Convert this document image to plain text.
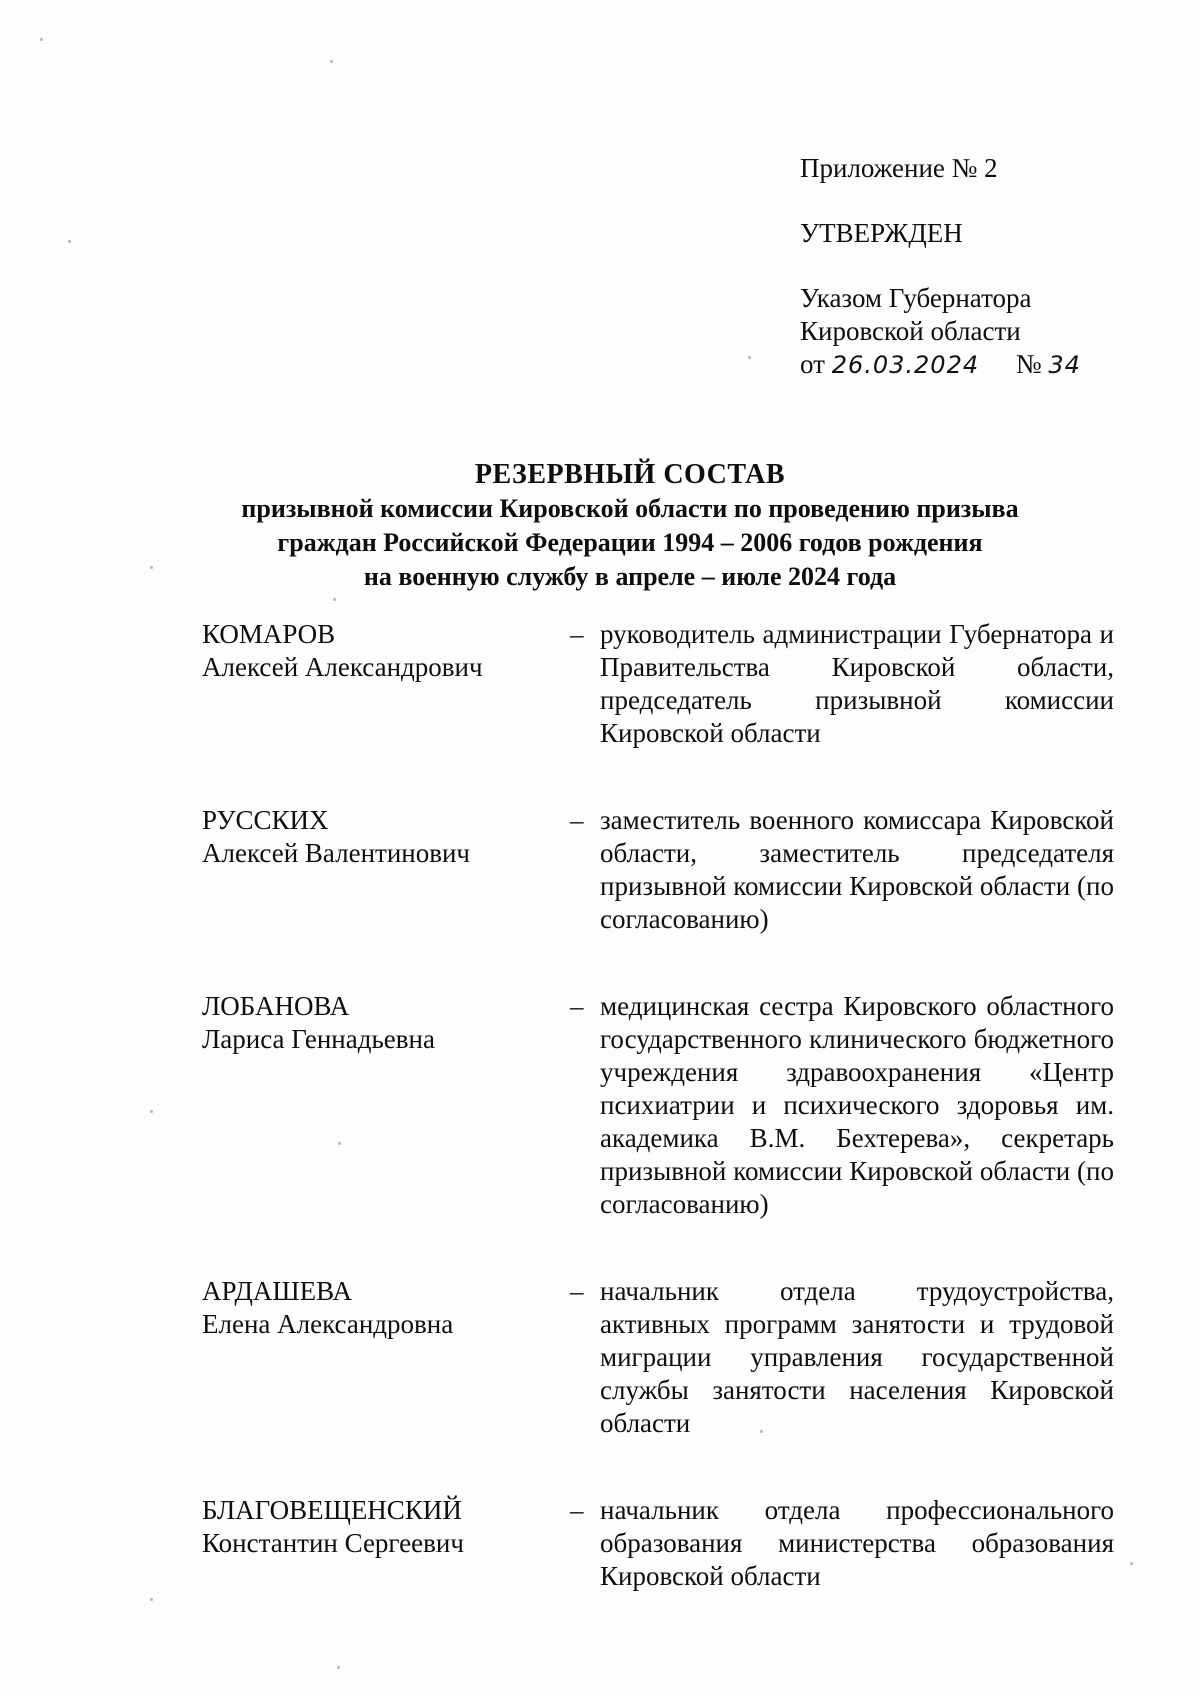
Приложение № 2
УТВЕРЖДЕН
Указом Губернатора
Кировской области
от 26.03.2024 № 34
РЕЗЕРВНЫЙ СОСТАВ
призывной комиссии Кировской области по проведению призыва
граждан Российской Федерации 1994 – 2006 годов рождения
на военную службу в апреле – июле 2024 года
КОМАРОВ
Алексей Александрович
– руководитель администрации Губернатора и Правительства Кировской области, председатель призывной комиссии Кировской области
РУССКИХ
Алексей Валентинович
– заместитель военного комиссара Кировской области, заместитель председателя призывной комиссии Кировской области (по согласованию)
ЛОБАНОВА
Лариса Геннадьевна
– медицинская сестра Кировского областного государственного клинического бюджетного учреждения здравоохранения «Центр психиатрии и психического здоровья им. академика В.М. Бехтерева», секретарь призывной комиссии Кировской области (по согласованию)
АРДАШЕВА
Елена Александровна
– начальник отдела трудоустройства, активных программ занятости и трудовой миграции управления государственной службы занятости населения Кировской области
БЛАГОВЕЩЕНСКИЙ
Константин Сергеевич
– начальник отдела профессионального образования министерства образования Кировской области
